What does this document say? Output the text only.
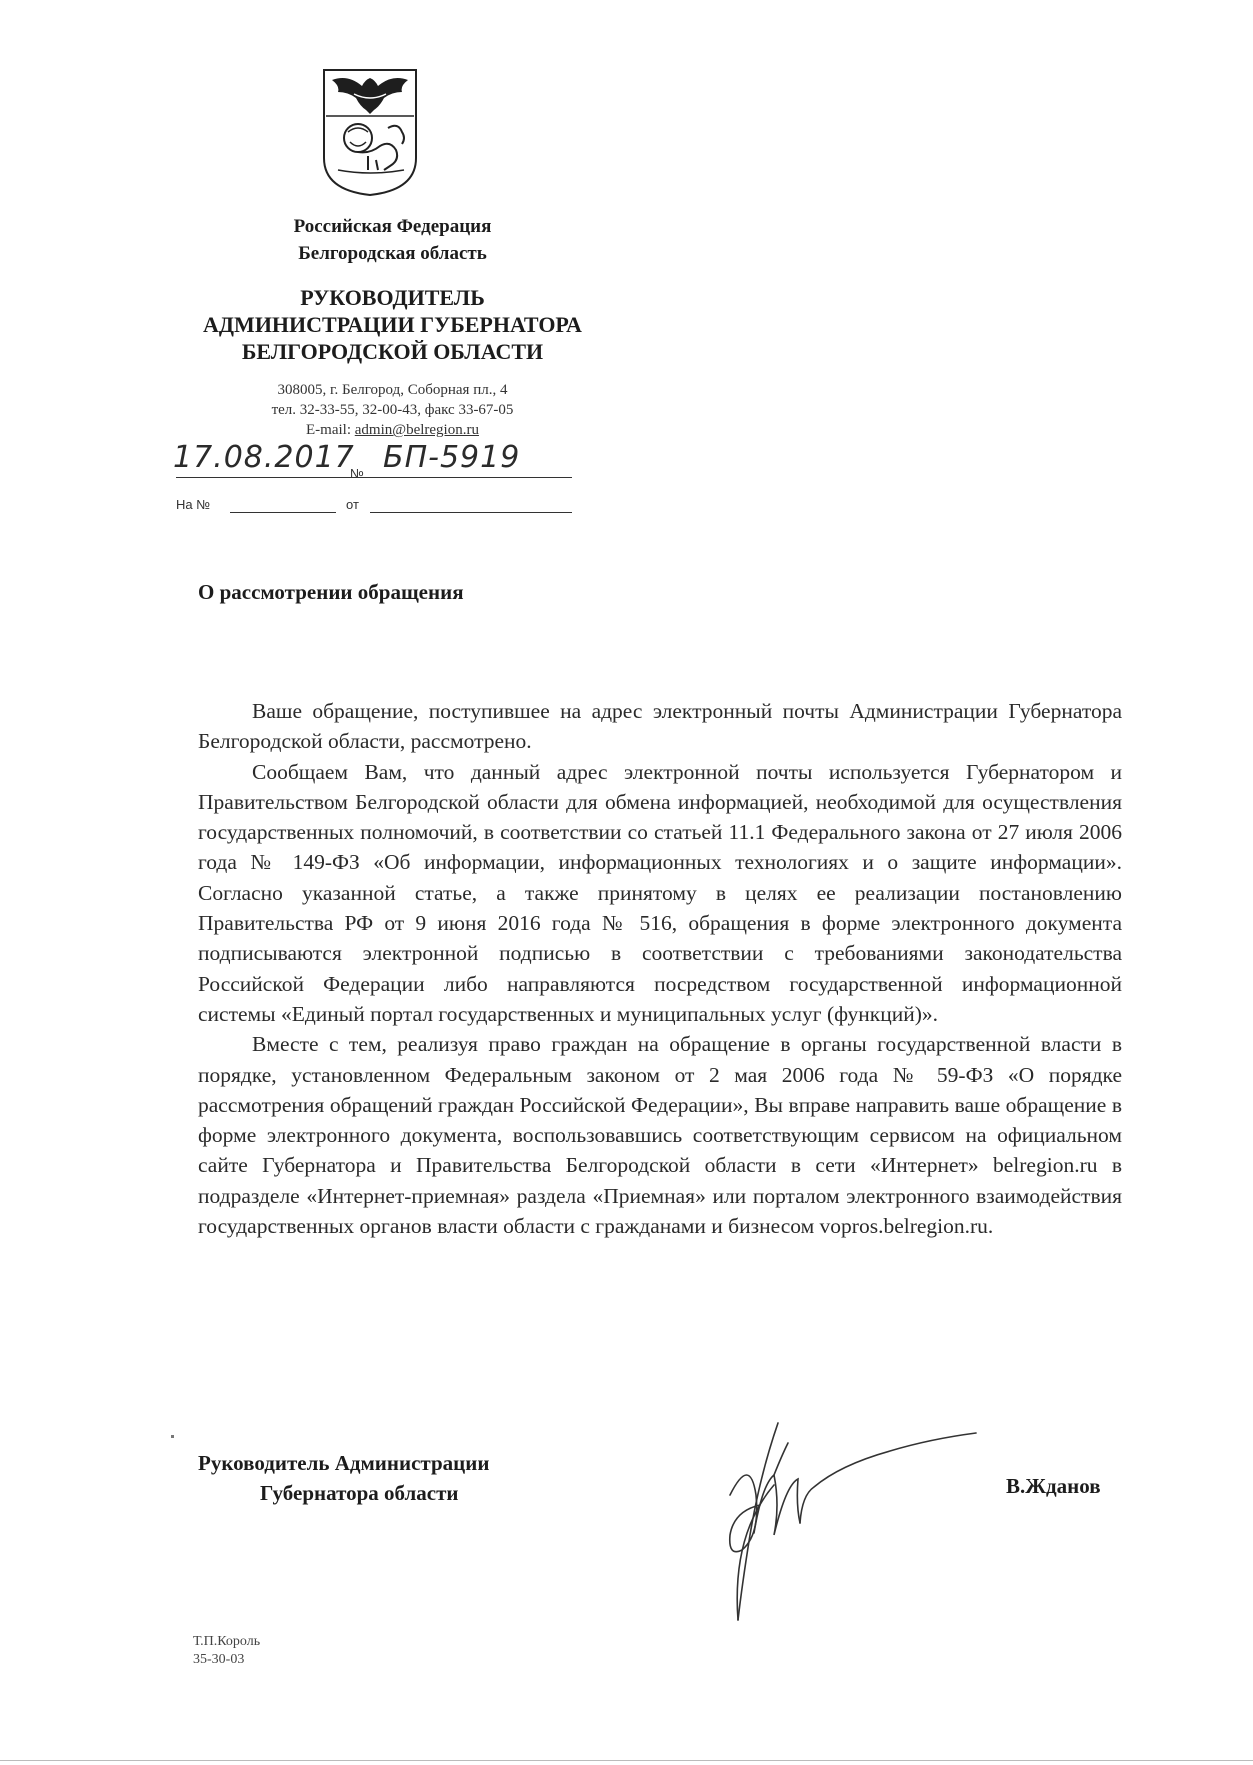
Российская Федерация
Белгородская область
РУКОВОДИТЕЛЬ
АДМИНИСТРАЦИИ ГУБЕРНАТОРА
БЕЛГОРОДСКОЙ ОБЛАСТИ
308005, г. Белгород, Соборная пл., 4
тел. 32-33-55, 32-00-43, факс 33-67-05
E-mail: admin@belregion.ru
17.08.2017
№ БП-5919
На №	от
О рассмотрении обращения

Ваше обращение, поступившее на адрес электронный почты Администрации Губернатора Белгородской области, рассмотрено.

Сообщаем Вам, что данный адрес электронной почты используется Губернатором и Правительством Белгородской области для обмена информацией, необходимой для осуществления государственных полномочий, в соответствии со статьей 11.1 Федерального закона от 27 июля 2006 года № 149-ФЗ «Об информации, информационных технологиях и о защите информации». Согласно указанной статье, а также принятому в целях ее реализации постановлению Правительства РФ от 9 июня 2016 года № 516, обращения в форме электронного документа подписываются электронной подписью в соответствии с требованиями законодательства Российской Федерации либо направляются посредством государственной информационной системы «Единый портал государственных и муниципальных услуг (функций)».

Вместе с тем, реализуя право граждан на обращение в органы государственной власти в порядке, установленном Федеральным законом от 2 мая 2006 года № 59-ФЗ «О порядке рассмотрения обращений граждан Российской Федерации», Вы вправе направить ваше обращение в форме электронного документа, воспользовавшись соответствующим сервисом на официальном сайте Губернатора и Правительства Белгородской области в сети «Интернет» belregion.ru в подразделе «Интернет-приемная» раздела «Приемная» или порталом электронного взаимодействия государственных органов власти области с гражданами и бизнесом vopros.belregion.ru.

Руководитель Администрации
Губернатора области	В.Жданов
Т.П.Король
35-30-03
